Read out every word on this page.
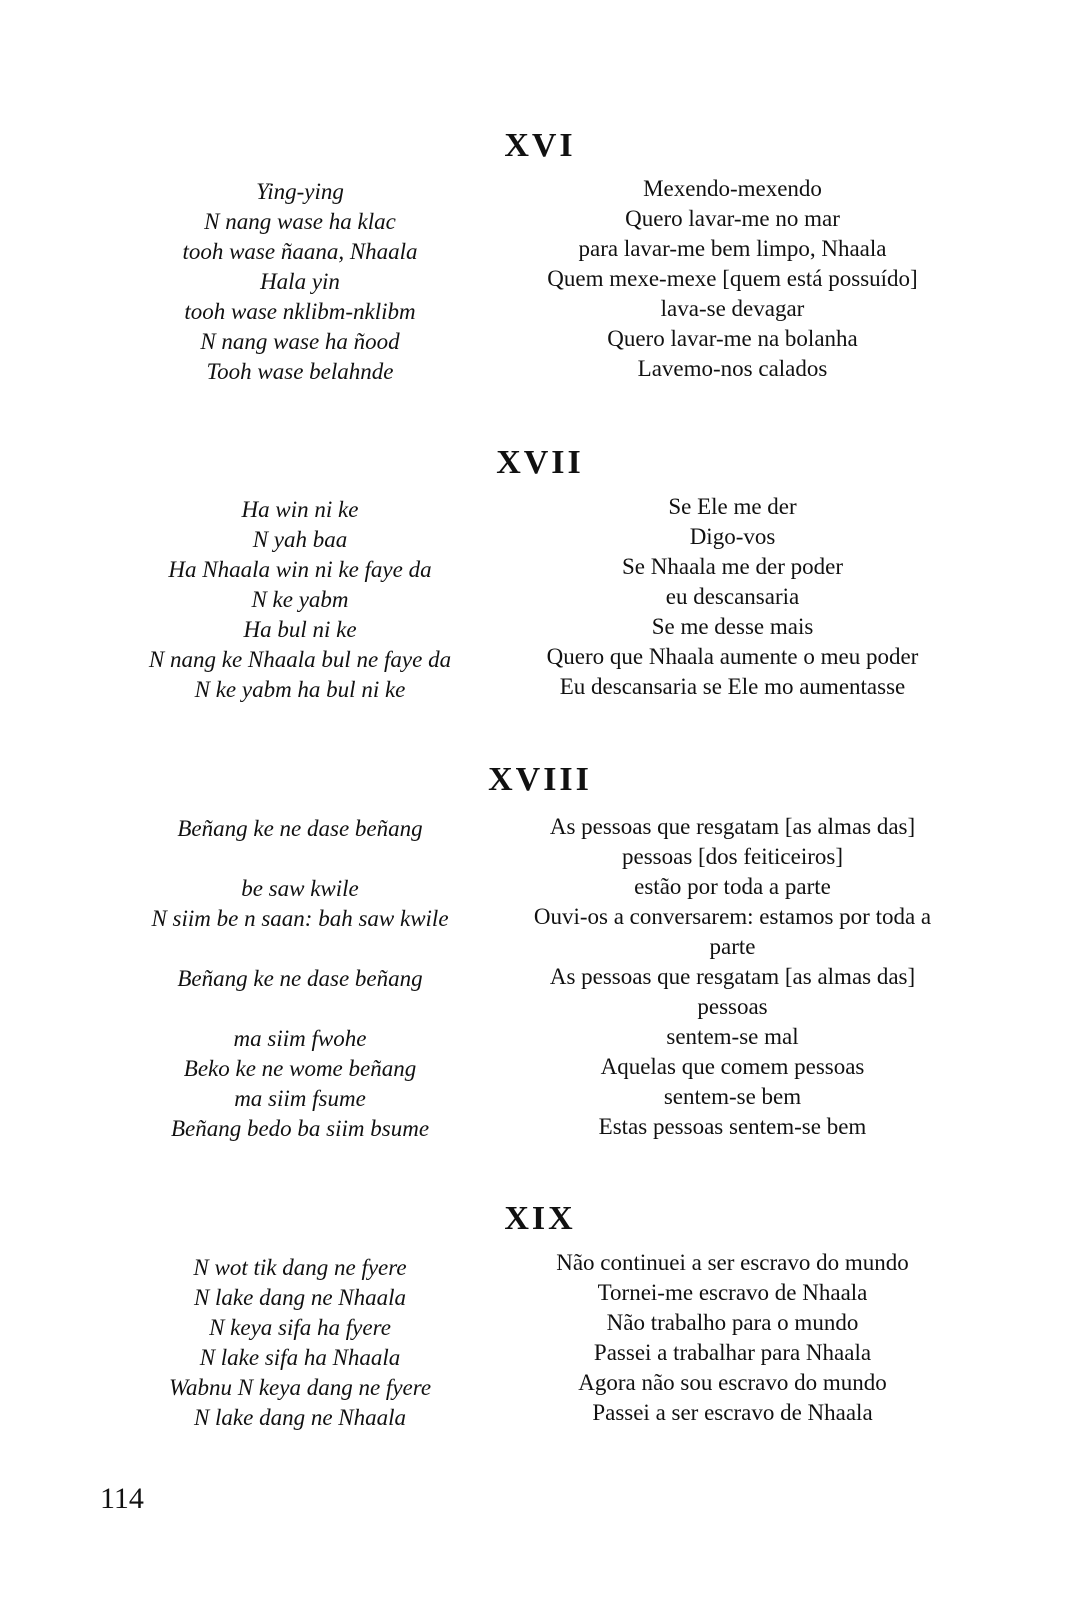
XVI
Ying-ying
N nang wase ha klac
tooh wase ñaana, Nhaala
Hala yin
tooh wase nklibm-nklibm
N nang wase ha ñood
Tooh wase belahnde
Mexendo-mexendo
Quero lavar-me no mar
para lavar-me bem limpo, Nhaala
Quem mexe-mexe [quem está possuído]
lava-se devagar
Quero lavar-me na bolanha
Lavemo-nos calados
XVII
Ha win ni ke
N yah baa
Ha Nhaala win ni ke faye da
N ke yabm
Ha bul ni ke
N nang ke Nhaala bul ne faye da
N ke yabm ha bul ni ke
Se Ele me der
Digo-vos
Se Nhaala me der poder
eu descansaria
Se me desse mais
Quero que Nhaala aumente o meu poder
Eu descansaria se Ele mo aumentasse
XVIII
Beñang ke ne dase beñang
be saw kwile
N siim be n saan: bah saw kwile
Beñang ke ne dase beñang
ma siim fwohe
Beko ke ne wome beñang
ma siim fsume
Beñang bedo ba siim bsume
As pessoas que resgatam [as almas das]
pessoas [dos feiticeiros]
estão por toda a parte
Ouvi-os a conversarem: estamos por toda a
parte
As pessoas que resgatam [as almas das]
pessoas
sentem-se mal
Aquelas que comem pessoas
sentem-se bem
Estas pessoas sentem-se bem
XIX
N wot tik dang ne fyere
N lake dang ne Nhaala
N keya sifa ha fyere
N lake sifa ha Nhaala
Wabnu N keya dang ne fyere
N lake dang ne Nhaala
Não continuei a ser escravo do mundo
Tornei-me escravo de Nhaala
Não trabalho para o mundo
Passei a trabalhar para Nhaala
Agora não sou escravo do mundo
Passei a ser escravo de Nhaala
114
